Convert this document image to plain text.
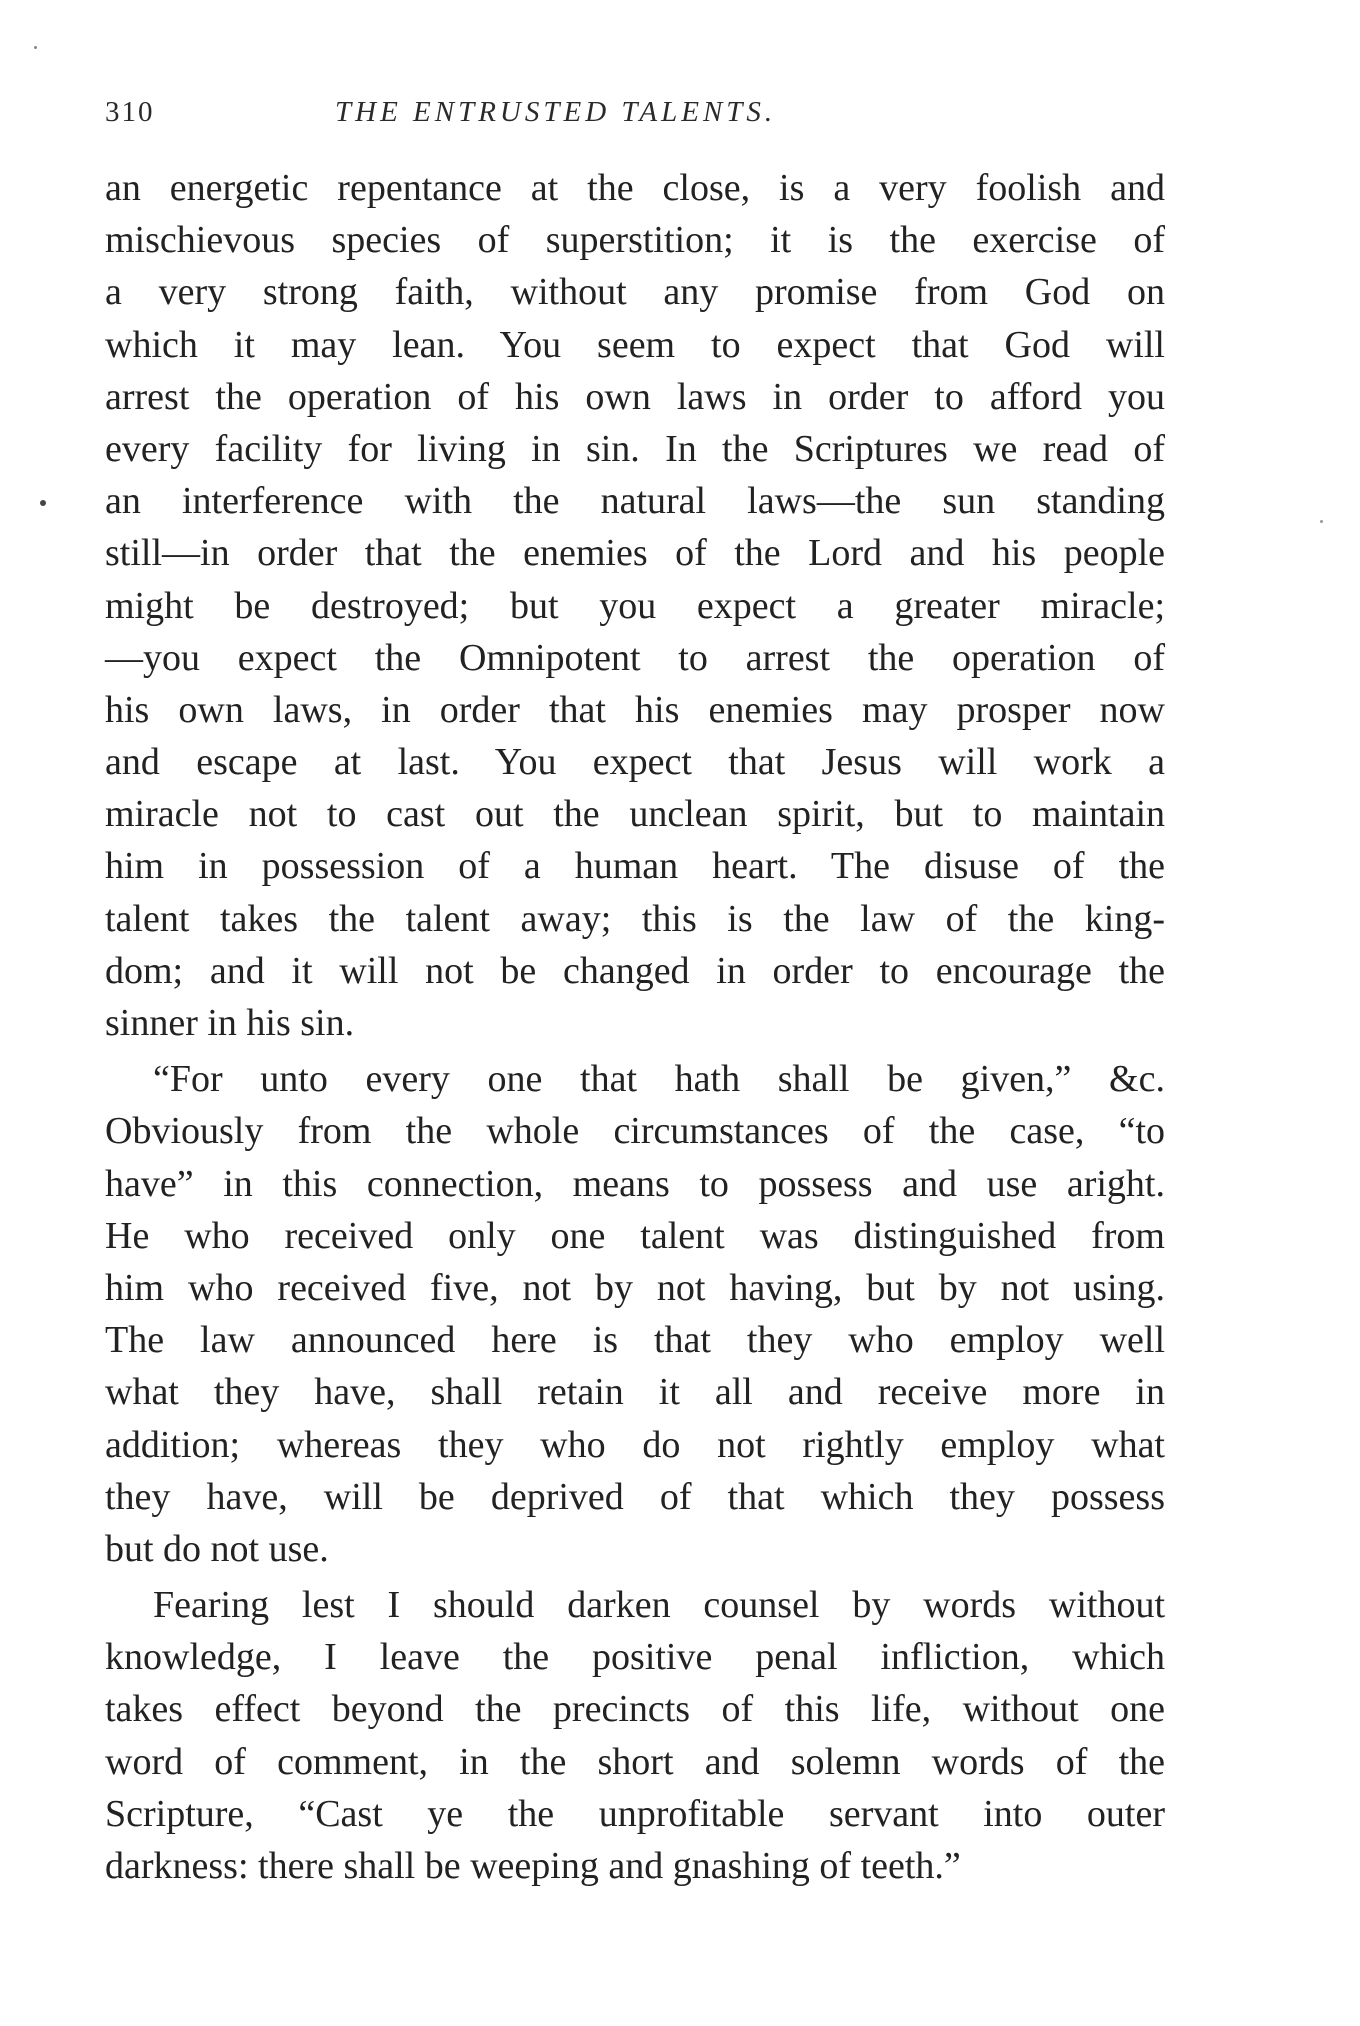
310	THE ENTRUSTED TALENTS.
an energetic repentance at the close, is a very foolish and
mischievous species of superstition; it is the exercise of
a very strong faith, without any promise from God on
which it may lean. You seem to expect that God will
arrest the operation of his own laws in order to afford you
every facility for living in sin. In the Scriptures we read of
an interference with the natural laws—the sun standing
still—in order that the enemies of the Lord and his people
might be destroyed; but you expect a greater miracle;
—you expect the Omnipotent to arrest the operation of
his own laws, in order that his enemies may prosper now
and escape at last. You expect that Jesus will work a
miracle not to cast out the unclean spirit, but to maintain
him in possession of a human heart. The disuse of the
talent takes the talent away; this is the law of the king-
dom; and it will not be changed in order to encourage the
sinner in his sin.
“For unto every one that hath shall be given,” &c.
Obviously from the whole circumstances of the case, “to
have” in this connection, means to possess and use aright.
He who received only one talent was distinguished from
him who received five, not by not having, but by not using.
The law announced here is that they who employ well
what they have, shall retain it all and receive more in
addition; whereas they who do not rightly employ what
they have, will be deprived of that which they possess
but do not use.
Fearing lest I should darken counsel by words without
knowledge, I leave the positive penal infliction, which
takes effect beyond the precincts of this life, without one
word of comment, in the short and solemn words of the
Scripture, “Cast ye the unprofitable servant into outer
darkness: there shall be weeping and gnashing of teeth.”
